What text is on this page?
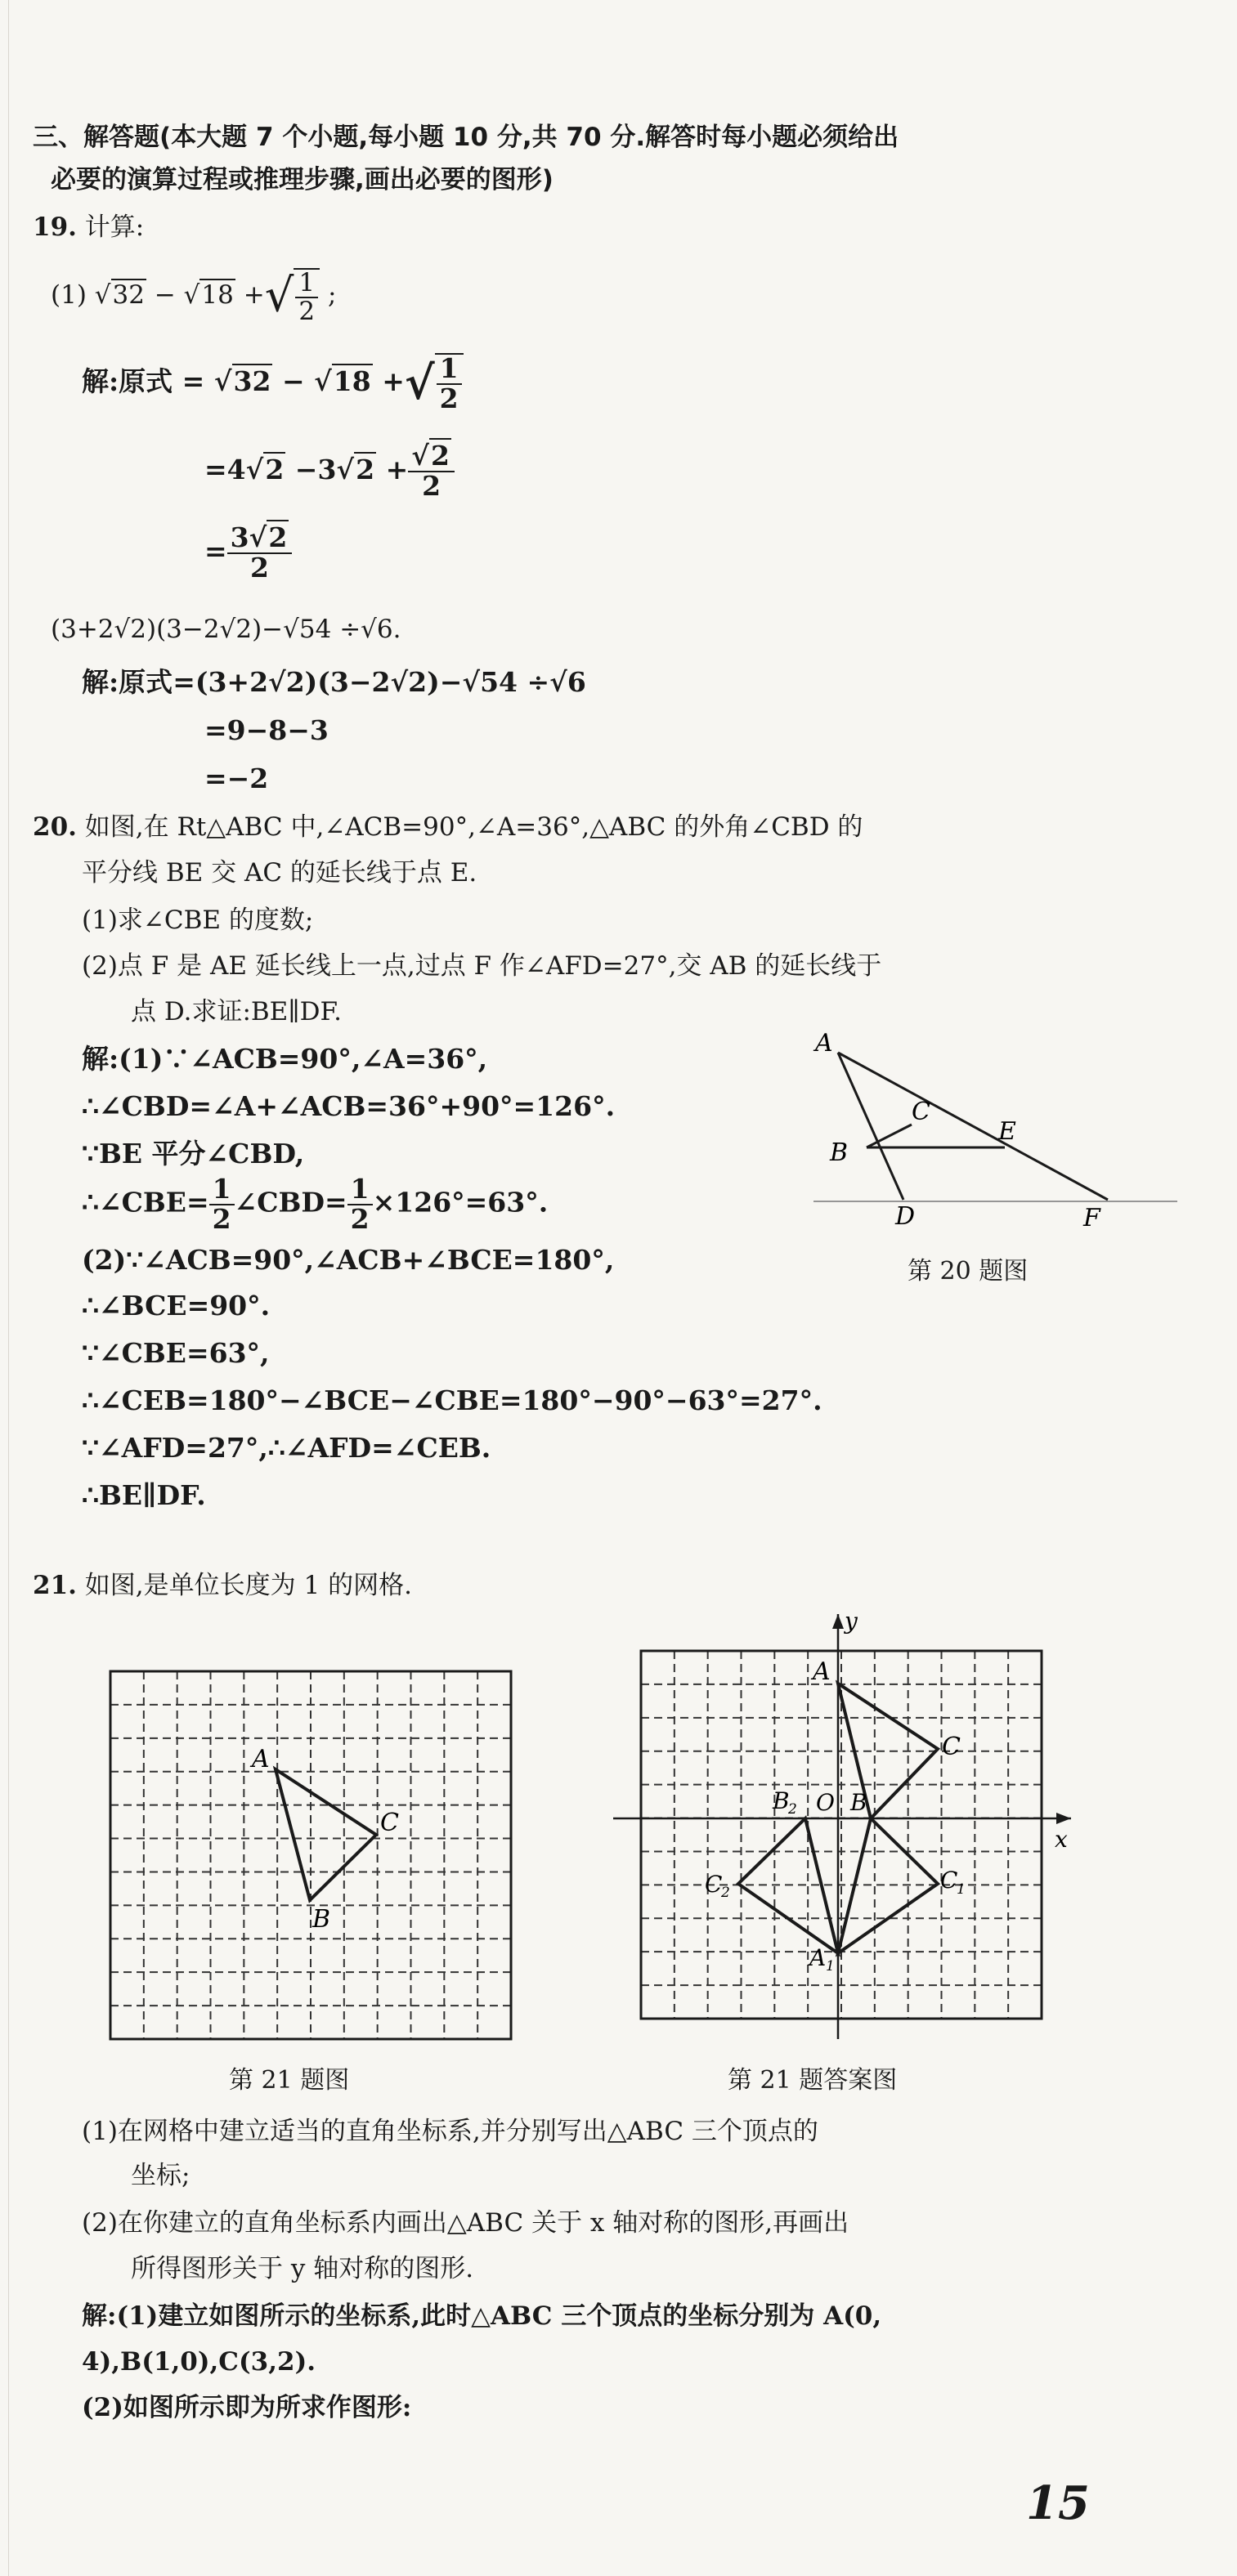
三、解答题(本大题 7 个小题,每小题 10 分,共 70 分.解答时每小题必须给出
必要的演算过程或推理步骤,画出必要的图形)
19. 计算:
(1) √32 − √18 +√ $\frac{1}{2}$ ;
解:原式 = √32 − √18 +√ $\frac{1}{2}$
$=4√2 -3√2 + \frac{√2}{2}$
= $\frac{3√2}{2}$
(3+2√2)(3−2√2)−√54 ÷√6.
解:原式=(3+2√2)(3−2√2)−√54 ÷√6
=9−8−3
=−2
20. 如图,在 Rt△ABC 中,∠ACB=90°,∠A=36°,△ABC 的外角∠CBD 的
平分线 BE 交 AC 的延长线于点 E.
(1)求∠CBE 的度数;
(2)点 F 是 AE 延长线上一点,过点 F 作∠AFD=27°,交 AB 的延长线于
点 D.求证:BE∥DF.
解:(1)∵∠ACB=90°,∠A=36°,
∴∠CBD=∠A+∠ACB=36°+90°=126°.
∵BE 平分∠CBD,
∴∠CBE= $\frac{1}{2}$ ∠CBD= $\frac{1}{2} \times 126^\circ=63^\circ$.
(2)∵∠ACB=90°,∠ACB+∠BCE=180°,
∴∠BCE=90°.
∵∠CBE=63°,
∴∠CEB=180°−∠BCE−∠CBE=180°−90°−63°=27°.
∵∠AFD=27°,∴∠AFD=∠CEB.
∴BE∥DF.
A
C
E
B
D	F
第 20 题图
21. 如图,是单位长度为 1 的网格.
A
C
B
第 21 题图
y
x
A
C
O B
B
2
C
2	C
1
A 1
第 21 题答案图
(1)在网格中建立适当的直角坐标系,并分别写出△ABC 三个顶点的
坐标;
(2)在你建立的直角坐标系内画出△ABC 关于 x 轴对称的图形,再画出
所得图形关于 y 轴对称的图形.
解:(1)建立如图所示的坐标系,此时△ABC 三个顶点的坐标分别为 A(0,
4),B(1,0),C(3,2).
(2)如图所示即为所求作图形:
15
